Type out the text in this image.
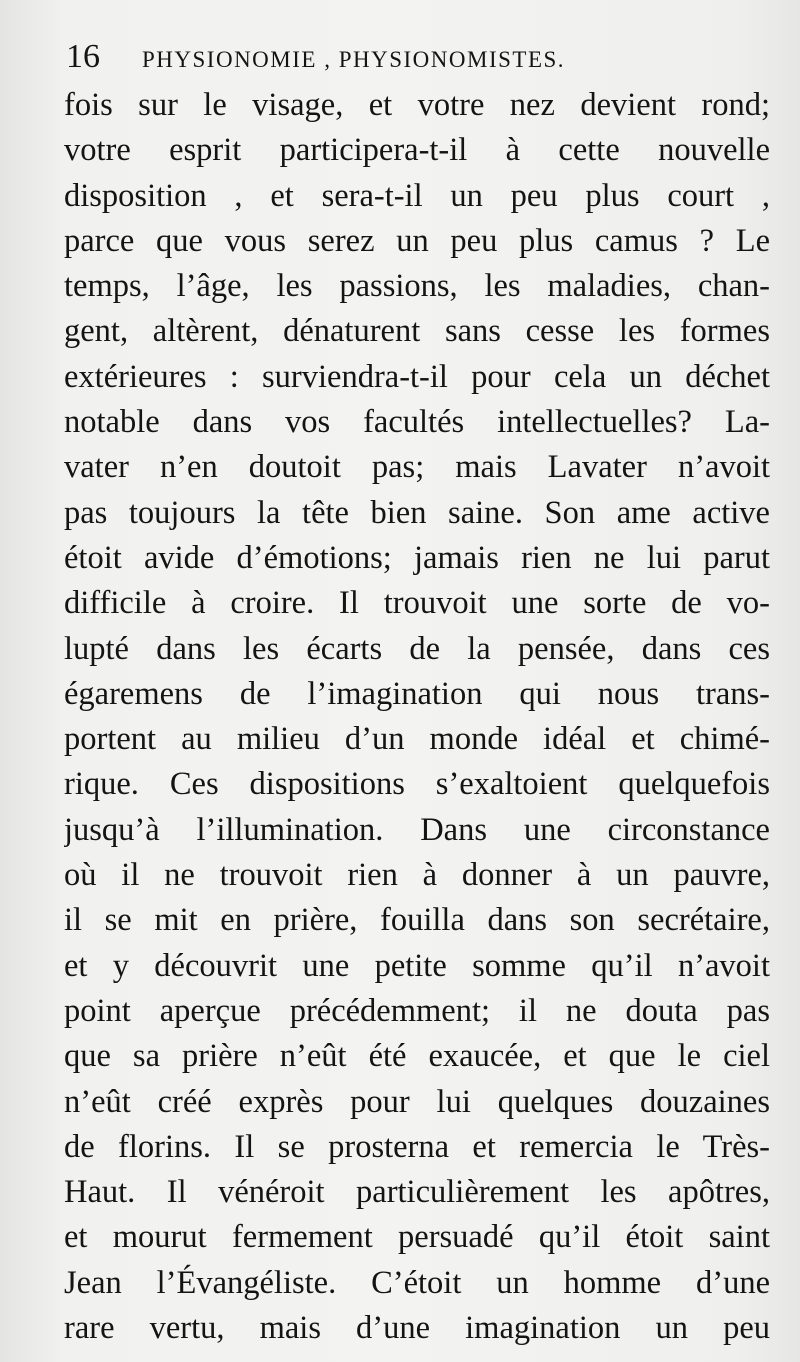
16 PHYSIONOMIE , PHYSIONOMISTES.
fois sur le visage, et votre nez devient rond;
votre esprit participera-t-il à cette nouvelle
disposition , et sera-t-il un peu plus court ,
parce que vous serez un peu plus camus ? Le
temps, l’âge, les passions, les maladies, chan-
gent, altèrent, dénaturent sans cesse les formes
extérieures : surviendra-t-il pour cela un déchet
notable dans vos facultés intellectuelles? La-
vater n’en doutoit pas; mais Lavater n’avoit
pas toujours la tête bien saine. Son ame active
étoit avide d’émotions; jamais rien ne lui parut
difficile à croire. Il trouvoit une sorte de vo-
lupté dans les écarts de la pensée, dans ces
égaremens de l’imagination qui nous trans-
portent au milieu d’un monde idéal et chimé-
rique. Ces dispositions s’exaltoient quelquefois
jusqu’à l’illumination. Dans une circonstance
où il ne trouvoit rien à donner à un pauvre,
il se mit en prière, fouilla dans son secrétaire,
et y découvrit une petite somme qu’il n’avoit
point aperçue précédemment; il ne douta pas
que sa prière n’eût été exaucée, et que le ciel
n’eût créé exprès pour lui quelques douzaines
de florins. Il se prosterna et remercia le Très-
Haut. Il vénéroit particulièrement les apôtres,
et mourut fermement persuadé qu’il étoit saint
Jean l’Évangéliste. C’étoit un homme d’une
rare vertu, mais d’une imagination un peu
